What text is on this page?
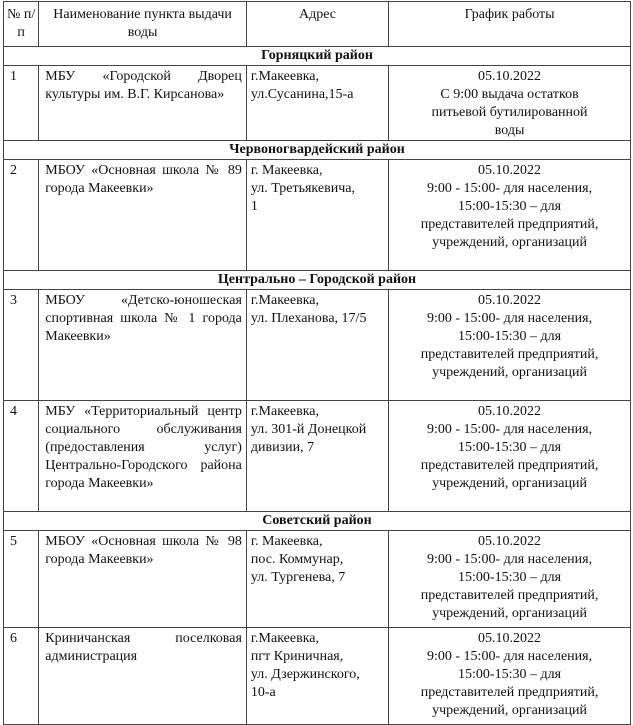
№ п/п	Наименование пункта выдачи воды	Адрес	График работы
Горняцкий район			
1	МБУ «Городской Дворец культуры им. В.Г. Кирсанова»	г.Макеевка,
ул.Сусанина,15-а	05.10.2022
С 9:00 выдача остатков
питьевой бутилированной
воды

Червоногвардейский район			
2	МБОУ «Основная школа № 89 города Макеевки»	г. Макеевка,
ул. Третьякевича,
1	05.10.2022
9:00 - 15:00- для населения,
15:00-15:30 – для
представителей предприятий,
учреждений, организаций

Центрально – Городской район			
3	МБОУ «Детско-юношеская спортивная школа № 1 города Макеевки»	г.Макеевка,
ул. Плеханова, 17/5	05.10.2022
9:00 - 15:00- для населения,
15:00-15:30 – для
представителей предприятий,
учреждений, организаций

4	МБУ «Территориальный центр социального обслуживания (предоставления услуг) Центрально-Городского района города Макеевки»	г.Макеевка,
ул. 301-й Донецкой
дивизии, 7	05.10.2022
9:00 - 15:00- для населения,
15:00-15:30 – для
представителей предприятий,
учреждений, организаций

Советский район			
5	МБОУ «Основная школа № 98 города Макеевки»	г. Макеевка,
пос. Коммунар,
ул. Тургенева, 7	05.10.2022
9:00 - 15:00- для населения,
15:00-15:30 – для
представителей предприятий,
учреждений, организаций

6	Криничанская поселковая администрация	г.Макеевка,
пгт Криничная,
ул. Дзержинского,
10-а	05.10.2022
9:00 - 15:00- для населения,
15:00-15:30 – для
представителей предприятий,
учреждений, организаций
